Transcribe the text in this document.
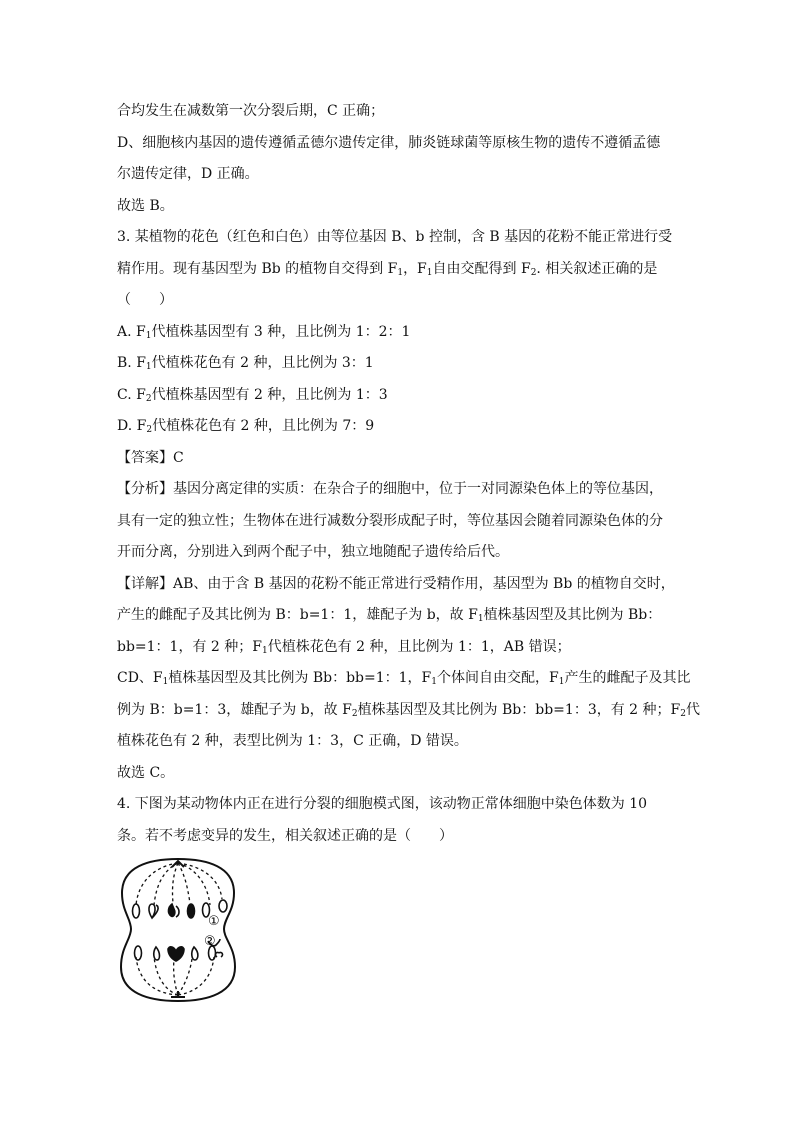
合均发生在减数第一次分裂后期，C 正确；
D、细胞核内基因的遗传遵循孟德尔遗传定律，肺炎链球菌等原核生物的遗传不遵循孟德
尔遗传定律，D 正确。
故选 B。
3. 某植物的花色（红色和白色）由等位基因 B、b 控制，含 B 基因的花粉不能正常进行受
精作用。现有基因型为 Bb 的植物自交得到 $F_1$，$F_1$自由交配得到 $F_2$. 相关叙述正确的是
（　　）
A. $F_1$代植株基因型有 3 种，且比例为 1：2：1
B. $F_1$代植株花色有 2 种，且比例为 3：1
C. $F_2$代植株基因型有 2 种，且比例为 1：3
D. $F_2$代植株花色有 2 种，且比例为 7：9
【答案】C
【分析】基因分离定律的实质：在杂合子的细胞中，位于一对同源染色体上的等位基因，
具有一定的独立性；生物体在进行减数分裂形成配子时，等位基因会随着同源染色体的分
开而分离，分别进入到两个配子中，独立地随配子遗传给后代。
【详解】AB、由于含 B 基因的花粉不能正常进行受精作用，基因型为 Bb 的植物自交时，
产生的雌配子及其比例为 B：b=1：1，雄配子为 b，故 $F_1$植株基因型及其比例为 Bb：
bb=1：1，有 2 种；$F_1$代植株花色有 2 种，且比例为 1：1，AB 错误；
CD、$F_1$植株基因型及其比例为 Bb：bb=1：1，$F_1$个体间自由交配，$F_1$产生的雌配子及其比
例为 B：b=1：3，雄配子为 b，故 $F_2$植株基因型及其比例为 Bb：bb=1：3，有 2 种；$F_2$代
植株花色有 2 种，表型比例为 1：3，C 正确，D 错误。
故选 C。
4. 下图为某动物体内正在进行分裂的细胞模式图，该动物正常体细胞中染色体数为 10
条。若不考虑变异的发生，相关叙述正确的是（　　）
①
②
